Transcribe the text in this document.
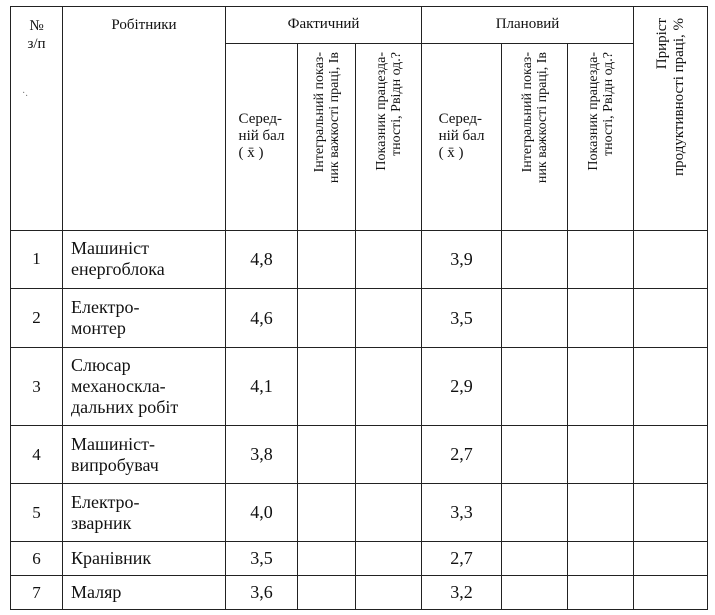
№
з/п	Робітники	Фактичний			Плановий			Приріст
продуктивності праці, %

		Серед-
ній бал
( x̄ )	Інтегральний показ-
ник важкості праці, Iв	Показник працезда-
тності, Pвідн од.?	Серед-
ній бал
( x̄ )	Інтегральний показ-
ник важкості праці, Iв	Показник працезда-
тності, Pвідн од.?	

1	Машиніст
енергоблока	4,8			3,9			
2	Електро-
монтер	4,6			3,5			
3	Слюсар
механоскла-
дальних робіт	4,1			2,9			
4	Машиніст-
випробувач	3,8			2,7			
5	Електро-
зварник	4,0			3,3			
6	Кранівник	3,5			2,7			
7	Маляр	3,6			3,2			
·.
